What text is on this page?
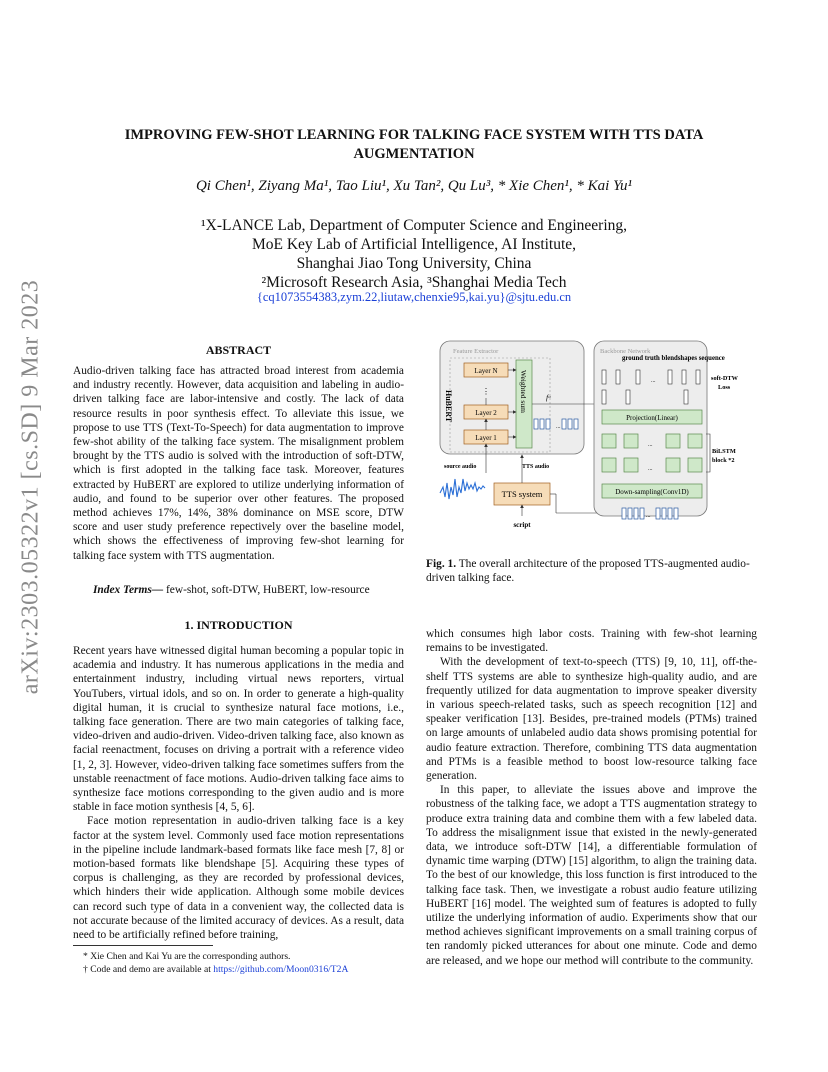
arXiv:2303.05322v1 [cs.SD] 9 Mar 2023
IMPROVING FEW-SHOT LEARNING FOR TALKING FACE SYSTEM WITH TTS DATA
AUGMENTATION
Qi Chen¹, Ziyang Ma¹, Tao Liu¹, Xu Tan², Qu Lu³, * Xie Chen¹, * Kai Yu¹
¹X-LANCE Lab, Department of Computer Science and Engineering,
MoE Key Lab of Artificial Intelligence, AI Institute,
Shanghai Jiao Tong University, China
²Microsoft Research Asia, ³Shanghai Media Tech
{cq1073554383,zym.22,liutaw,chenxie95,kai.yu}@sjtu.edu.cn
ABSTRACT

Audio-driven talking face has attracted broad interest from academia and industry recently. However, data acquisition and labeling in audio-driven talking face are labor-intensive and costly. The lack of data resource results in poor synthesis effect. To alleviate this issue, we propose to use TTS (Text-To-Speech) for data augmentation to improve few-shot ability of the talking face system. The misalignment problem brought by the TTS audio is solved with the introduction of soft-DTW, which is first adopted in the talking face task. Moreover, features extracted by HuBERT are explored to utilize underlying information of audio, and found to be superior over other features. The proposed method achieves 17%, 14%, 38% dominance on MSE score, DTW score and user study preference repectively over the baseline model, which shows the effectiveness of improving few-shot learning for talking face system with TTS augmentation.

Index Terms— few-shot, soft-DTW, HuBERT, low-resource
1. INTRODUCTION

Recent years have witnessed digital human becoming a popular topic in academia and industry. It has numerous applications in the media and entertainment industry, including virtual news reporters, virtual YouTubers, virtual idols, and so on. In order to generate a high-quality digital human, it is crucial to synthesize natural face motions, i.e., talking face generation. There are two main categories of talking face, video-driven and audio-driven. Video-driven talking face, also known as facial reenactment, focuses on driving a portrait with a reference video [1, 2, 3]. However, video-driven talking face sometimes suffers from the unstable reenactment of face motions. Audio-driven talking face aims to synthesize face motions corresponding to the given audio and is more stable in face motion synthesis [4, 5, 6].

Face motion representation in audio-driven talking face is a key factor at the system level. Commonly used face motion representations in the pipeline include landmark-based formats like face mesh [7, 8] or motion-based formats like blendshape [5]. Acquiring these types of corpus is challenging, as they are recorded by professional devices, which hinders their wide application. Although some mobile devices can record such type of data in a convenient way, the collected data is not accurate because of the limited accuracy of devices. As a result, data need to be artificially refined before training,

* Xie Chen and Kai Yu are the corresponding authors.
† Code and demo are available at https://github.com/Moon0316/T2A
Feature Extractor
HuBERT
Layer N
⋮
Layer 2
Layer 1
Weighted sum fᵃ
...
source audio	TTS audio
TTS system
script
Backbone Network
ground truth blendshapes sequence
...	soft-DTW
Loss
Projection(Linear)
...
...
BiLSTM
block *2
Down-sampling(Conv1D)
...
Fig. 1. The overall architecture of the proposed TTS-augmented audio-driven talking face.

which consumes high labor costs. Training with few-shot learning remains to be investigated.

With the development of text-to-speech (TTS) [9, 10, 11], off-the-shelf TTS systems are able to synthesize high-quality audio, and are frequently utilized for data augmentation to improve speaker diversity in various speech-related tasks, such as speech recognition [12] and speaker verification [13]. Besides, pre-trained models (PTMs) trained on large amounts of unlabeled audio data shows promising potential for audio feature extraction. Therefore, combining TTS data augmentation and PTMs is a feasible method to boost low-resource talking face generation.

In this paper, to alleviate the issues above and improve the robustness of the talking face, we adopt a TTS augmentation strategy to produce extra training data and combine them with a few labeled data. To address the misalignment issue that existed in the newly-generated data, we introduce soft-DTW [14], a differentiable formulation of dynamic time warping (DTW) [15] algorithm, to align the training data. To the best of our knowledge, this loss function is first introduced to the talking face task. Then, we investigate a robust audio feature utilizing HuBERT [16] model. The weighted sum of features is adopted to fully utilize the underlying information of audio. Experiments show that our method achieves significant improvements on a small training corpus of ten randomly picked utterances for about one minute. Code and demo are released, and we hope our method will contribute to the community.
